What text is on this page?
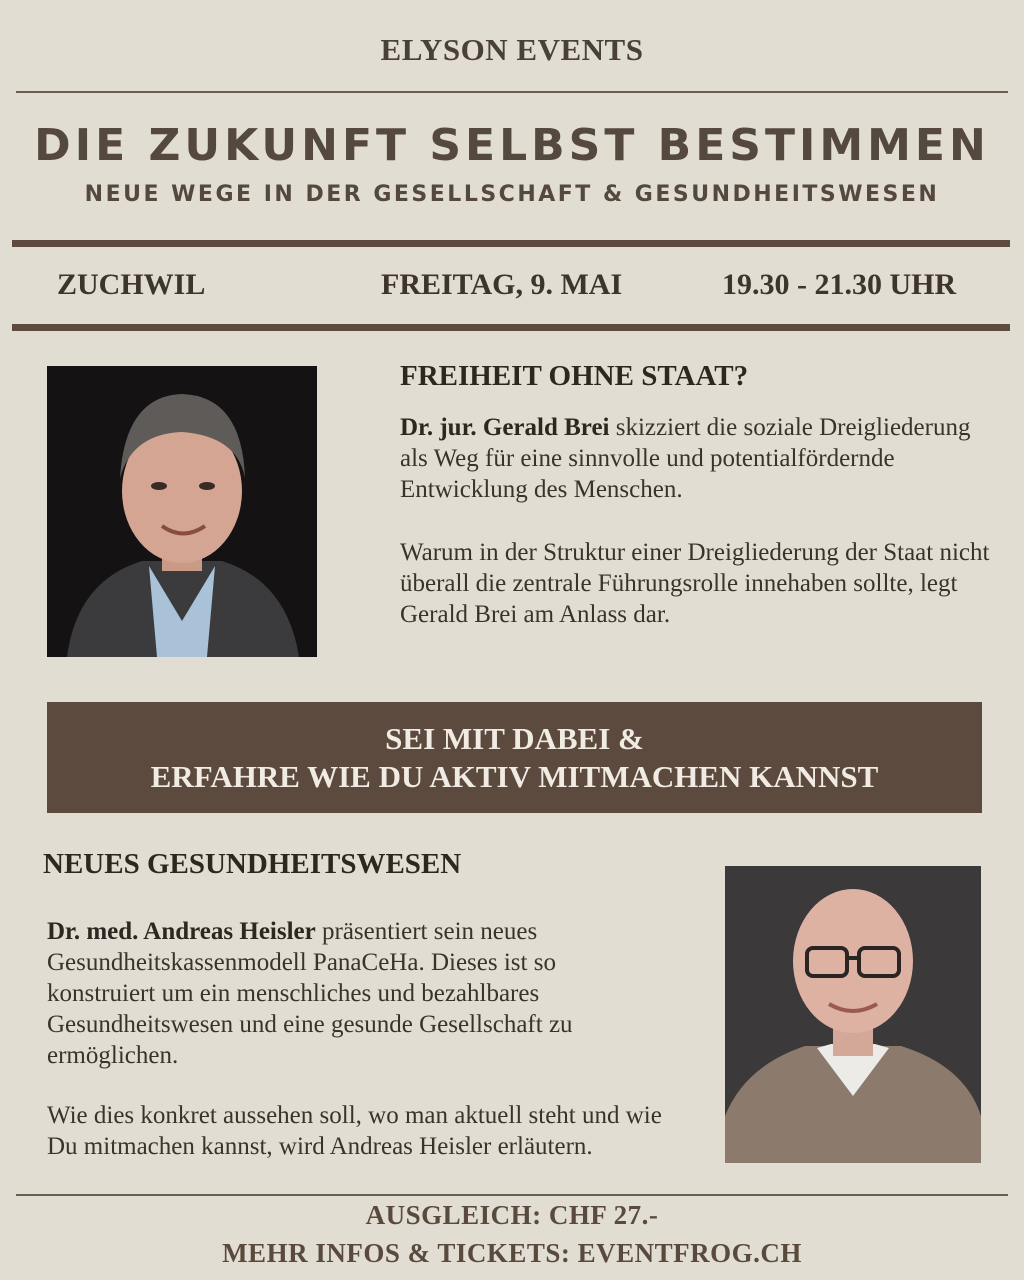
ELYSON EVENTS
DIE ZUKUNFT SELBST BESTIMMEN
NEUE WEGE IN DER GESELLSCHAFT & GESUNDHEITSWESEN
ZUCHWIL	FREITAG, 9. MAI	19.30 - 21.30 UHR
FREIHEIT OHNE STAAT?
Dr. jur. Gerald Brei skizziert die soziale Dreigliederung als Weg für eine sinnvolle und potentialfördernde Entwicklung des Menschen.
Warum in der Struktur einer Dreigliederung der Staat nicht überall die zentrale Führungsrolle innehaben sollte, legt Gerald Brei am Anlass dar.
SEI MIT DABEI &
ERFAHRE WIE DU AKTIV MITMACHEN KANNST
NEUES GESUNDHEITSWESEN
Dr. med. Andreas Heisler präsentiert sein neues Gesundheitskassenmodell PanaCeHa. Dieses ist so konstruiert um ein menschliches und bezahlbares Gesundheitswesen und eine gesunde Gesellschaft zu ermöglichen.
Wie dies konkret aussehen soll, wo man aktuell steht und wie Du mitmachen kannst, wird Andreas Heisler erläutern.
AUSGLEICH: CHF 27.-
MEHR INFOS & TICKETS: EVENTFROG.CH
